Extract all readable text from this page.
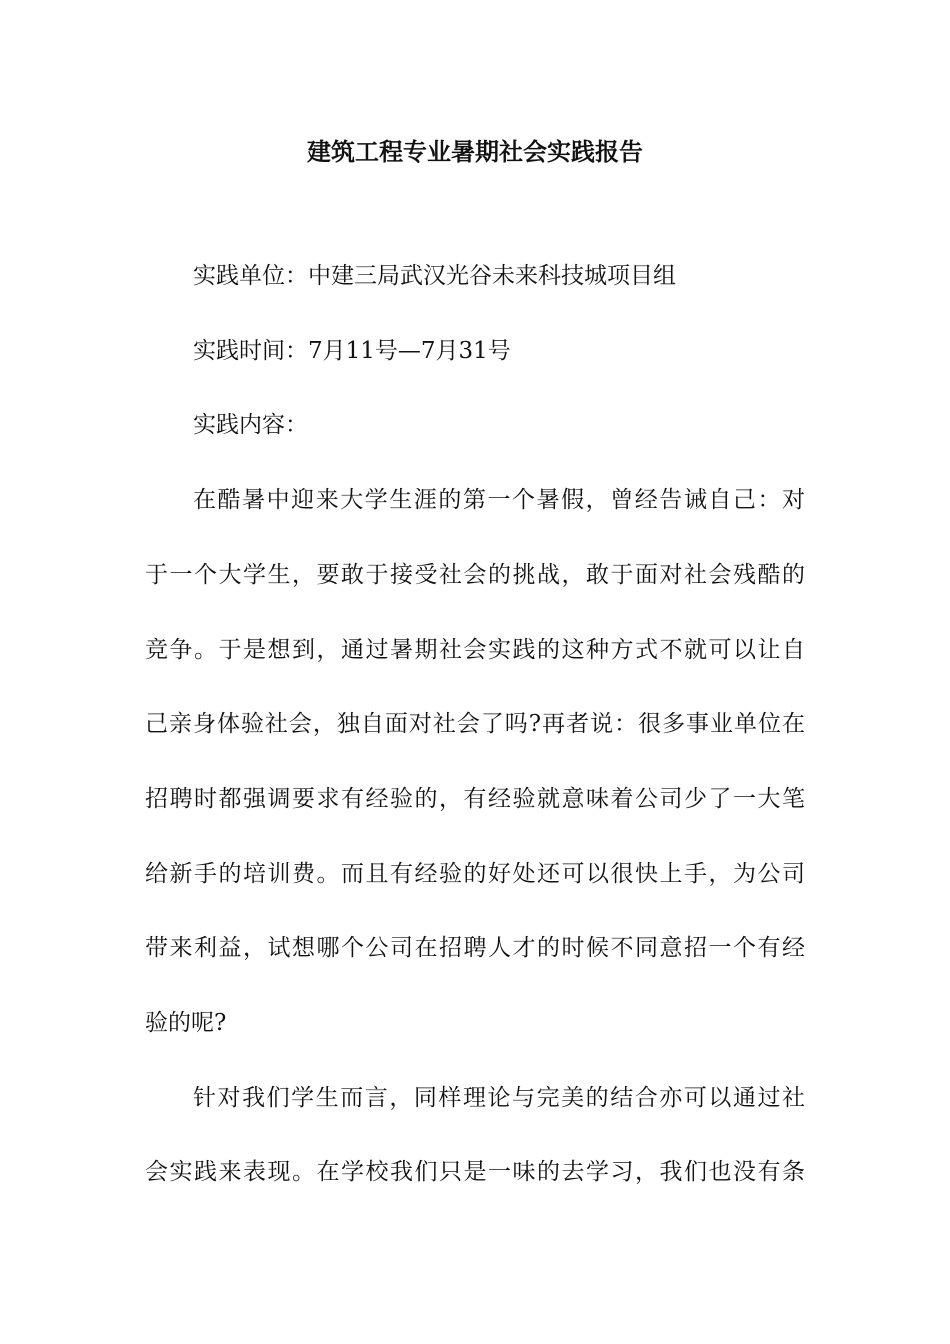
建筑工程专业暑期社会实践报告
实践单位：中建三局武汉光谷未来科技城项目组
实践时间：7月11号—7月31号
实践内容：
在酷暑中迎来大学生涯的第一个暑假，曾经告诫自己：对
于一个大学生，要敢于接受社会的挑战，敢于面对社会残酷的
竞争。于是想到，通过暑期社会实践的这种方式不就可以让自
己亲身体验社会，独自面对社会了吗?再者说：很多事业单位在
招聘时都强调要求有经验的，有经验就意味着公司少了一大笔
给新手的培训费。而且有经验的好处还可以很快上手，为公司
带来利益，试想哪个公司在招聘人才的时候不同意招一个有经
验的呢?
针对我们学生而言，同样理论与完美的结合亦可以通过社
会实践来表现。在学校我们只是一味的去学习，我们也没有条
